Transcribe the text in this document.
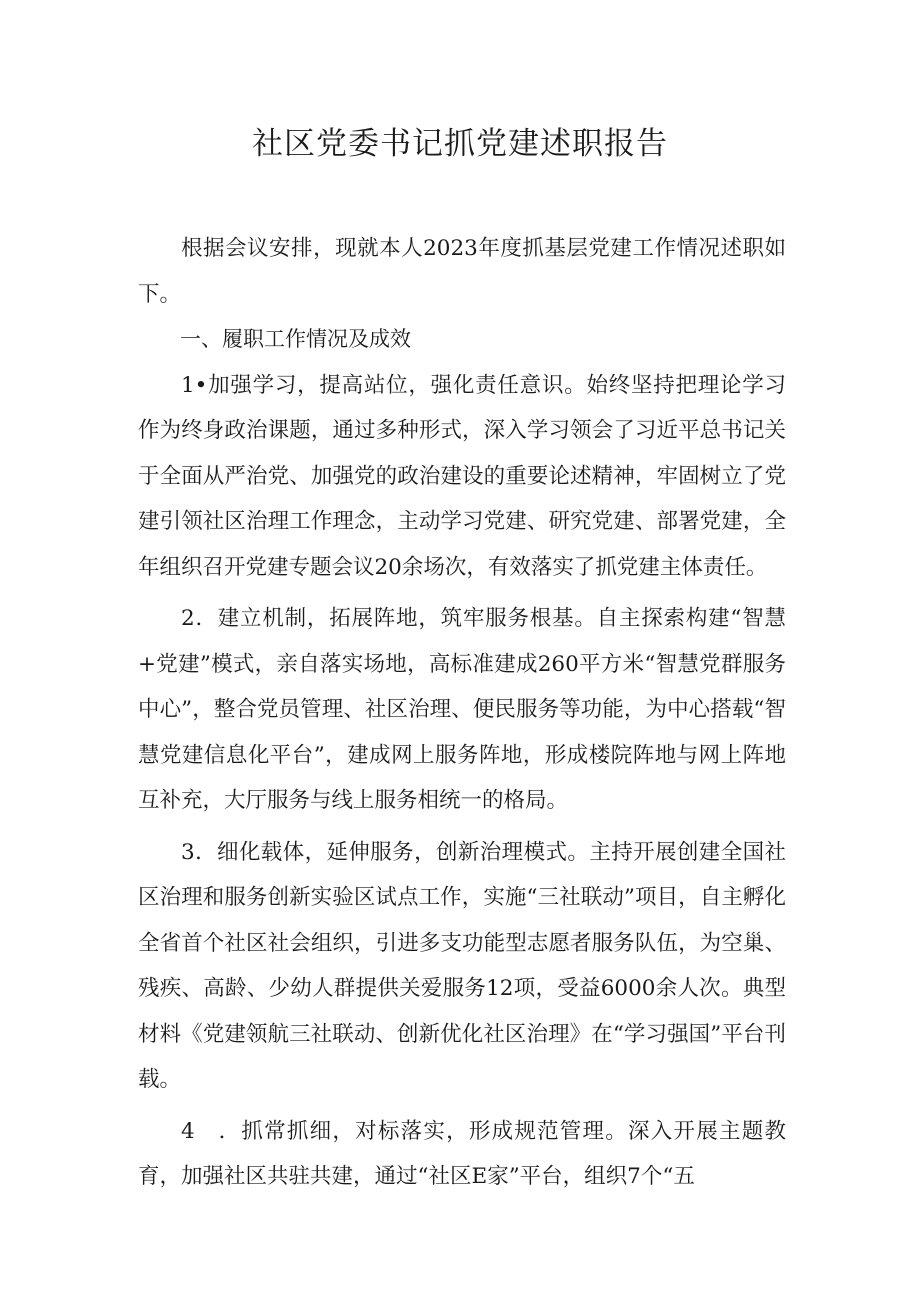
社区党委书记抓党建述职报告

根据会议安排，现就本人2023年度抓基层党建工作情况述职如下。

一、履职工作情况及成效

1•加强学习，提高站位，强化责任意识。始终坚持把理论学习作为终身政治课题，通过多种形式，深入学习领会了习近平总书记关于全面从严治党、加强党的政治建设的重要论述精神，牢固树立了党建引领社区治理工作理念，主动学习党建、研究党建、部署党建，全年组织召开党建专题会议20余场次，有效落实了抓党建主体责任。

2．建立机制，拓展阵地，筑牢服务根基。自主探索构建“智慧+党建”模式，亲自落实场地，高标准建成260平方米“智慧党群服务中心”，整合党员管理、社区治理、便民服务等功能，为中心搭载“智慧党建信息化平台”，建成网上服务阵地，形成楼院阵地与网上阵地互补充，大厅服务与线上服务相统一的格局。

3．细化载体，延伸服务，创新治理模式。主持开展创建全国社区治理和服务创新实验区试点工作，实施“三社联动”项目，自主孵化全省首个社区社会组织，引进多支功能型志愿者服务队伍，为空巢、残疾、高龄、少幼人群提供关爱服务12项，受益6000余人次。典型材料《党建领航三社联动、创新优化社区治理》在“学习强国”平台刊载。

4　．抓常抓细，对标落实，形成规范管理。深入开展主题教育，加强社区共驻共建，通过“社区E家”平台，组织7个“五
